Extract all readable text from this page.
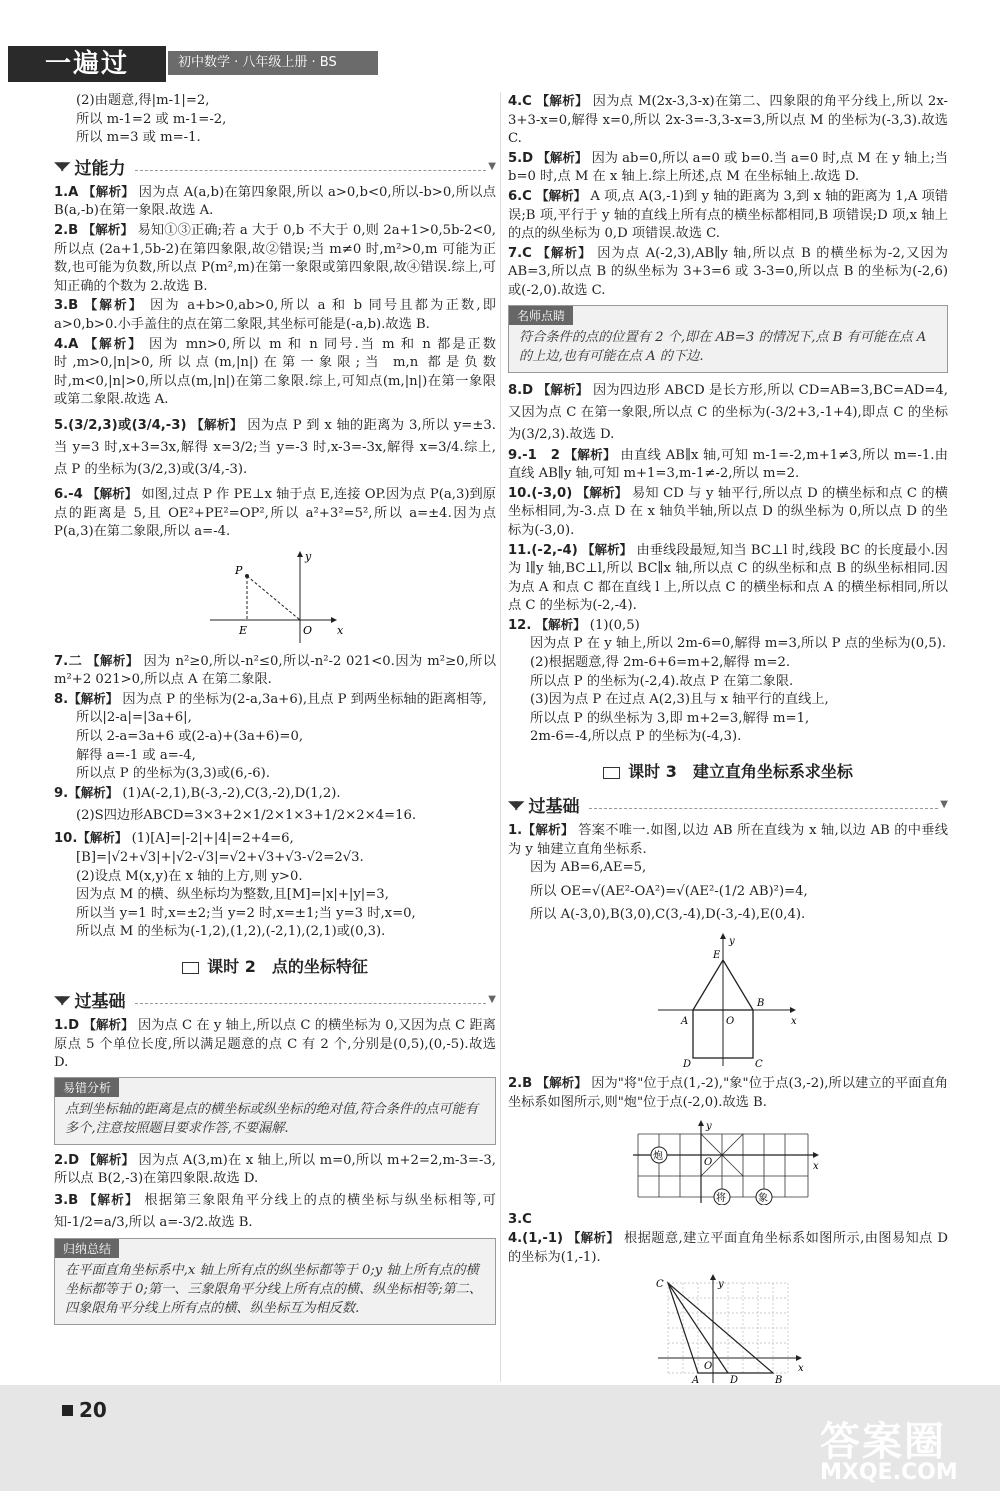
一遍过	初中数学 · 八年级上册 · BS

(2)由题意,得|m-1|=2,

所以 m-1=2 或 m-1=-2,

所以 m=3 或 m=-1.

◥◤ 过能力	▼

1.A 【解析】 因为点 A(a,b)在第四象限,所以 a>0,b<0,所以-b>0,所以点 B(a,-b)在第一象限.故选 A.

2.B 【解析】 易知①③正确;若 a 大于 0,b 不大于 0,则 2a+1>0,5b-2<0,所以点 (2a+1,5b-2)在第四象限,故②错误;当 m≠0 时,m²>0,m 可能为正数,也可能为负数,所以点 P(m²,m)在第一象限或第四象限,故④错误.综上,可知正确的个数为 2.故选 B.

3.B 【解析】 因为 a+b>0,ab>0,所以 a 和 b 同号且都为正数,即 a>0,b>0.小手盖住的点在第二象限,其坐标可能是(-a,b).故选 B.

4.A 【解析】 因为 mn>0,所以 m 和 n 同号.当 m 和 n 都是正数时,m>0,|n|>0,所以点(m,|n|)在第一象限;当 m,n 都是负数时,m<0,|n|>0,所以点(m,|n|)在第二象限.综上,可知点(m,|n|)在第一象限或第二象限.故选 A.

5.(3/2,3)或(3/4,-3) 【解析】 因为点 P 到 x 轴的距离为 3,所以 y=±3.当 y=3 时,x+3=3x,解得 x=3/2;当 y=-3 时,x-3=-3x,解得 x=3/4.综上,点 P 的坐标为(3/2,3)或(3/4,-3).

6.-4 【解析】 如图,过点 P 作 PE⊥x 轴于点 E,连接 OP.因为点 P(a,3)到原点的距离是 5,且 OE²+PE²=OP²,所以 a²+3²=5²,所以 a=±4.因为点 P(a,3)在第二象限,所以 a=-4.

P
E	O x
y

7.二 【解析】 因为 n²≥0,所以-n²≤0,所以-n²-2 021<0.因为 m²≥0,所以 m²+2 021>0,所以点 A 在第二象限.

8.【解析】 因为点 P 的坐标为(2-a,3a+6),且点 P 到两坐标轴的距离相等,

所以|2-a|=|3a+6|,

所以 2-a=3a+6 或(2-a)+(3a+6)=0,

解得 a=-1 或 a=-4,

所以点 P 的坐标为(3,3)或(6,-6).

9.【解析】 (1)A(-2,1),B(-3,-2),C(3,-2),D(1,2).

(2)S四边形ABCD=3×3+2×1/2×1×3+1/2×2×4=16.

10.【解析】 (1)[A]=|-2|+|4|=2+4=6,

[B]=|√2+√3|+|√2-√3|=√2+√3+√3-√2=2√3.

(2)设点 M(x,y)在 x 轴的上方,则 y>0.

因为点 M 的横、纵坐标均为整数,且[M]=|x|+|y|=3,

所以当 y=1 时,x=±2;当 y=2 时,x=±1;当 y=3 时,x=0,

所以点 M 的坐标为(-1,2),(1,2),(-2,1),(2,1)或(0,3).

课时 2　点的坐标特征
◥◤ 过基础	▼

1.D 【解析】 因为点 C 在 y 轴上,所以点 C 的横坐标为 0,又因为点 C 距离原点 5 个单位长度,所以满足题意的点 C 有 2 个,分别是(0,5),(0,-5).故选 D.

易错分析
点到坐标轴的距离是点的横坐标或纵坐标的绝对值,符合条件的点可能有多个,注意按照题目要求作答,不要漏解.

2.D 【解析】 因为点 A(3,m)在 x 轴上,所以 m=0,所以 m+2=2,m-3=-3,所以点 B(2,-3)在第四象限.故选 D.

3.B 【解析】 根据第三象限角平分线上的点的横坐标与纵坐标相等,可知-1/2=a/3,所以 a=-3/2.故选 B.

归纳总结
在平面直角坐标系中,x 轴上所有点的纵坐标都等于 0;y 轴上所有点的横坐标都等于 0;第一、三象限角平分线上所有点的横、纵坐标相等;第二、四象限角平分线上所有点的横、纵坐标互为相反数.

4.C 【解析】 因为点 M(2x-3,3-x)在第二、四象限的角平分线上,所以 2x-3+3-x=0,解得 x=0,所以 2x-3=-3,3-x=3,所以点 M 的坐标为(-3,3).故选 C.

5.D 【解析】 因为 ab=0,所以 a=0 或 b=0.当 a=0 时,点 M 在 y 轴上;当 b=0 时,点 M 在 x 轴上.综上所述,点 M 在坐标轴上.故选 D.

6.C 【解析】 A 项,点 A(3,-1)到 y 轴的距离为 3,到 x 轴的距离为 1,A 项错误;B 项,平行于 y 轴的直线上所有点的横坐标都相同,B 项错误;D 项,x 轴上的点的纵坐标为 0,D 项错误.故选 C.

7.C 【解析】 因为点 A(-2,3),AB∥y 轴,所以点 B 的横坐标为-2,又因为 AB=3,所以点 B 的纵坐标为 3+3=6 或 3-3=0,所以点 B 的坐标为(-2,6)或(-2,0).故选 C.

名师点睛
符合条件的点的位置有 2 个,即在 AB=3 的情况下,点 B 有可能在点 A 的上边,也有可能在点 A 的下边.

8.D 【解析】 因为四边形 ABCD 是长方形,所以 CD=AB=3,BC=AD=4,又因为点 C 在第一象限,所以点 C 的坐标为(-3/2+3,-1+4),即点 C 的坐标为(3/2,3).故选 D.

9.-1　2 【解析】 由直线 AB∥x 轴,可知 m-1=-2,m+1≠3,所以 m=-1.由直线 AB∥y 轴,可知 m+1=3,m-1≠-2,所以 m=2.

10.(-3,0) 【解析】 易知 CD 与 y 轴平行,所以点 D 的横坐标和点 C 的横坐标相同,为-3.点 D 在 x 轴负半轴,所以点 D 的纵坐标为 0,所以点 D 的坐标为(-3,0).

11.(-2,-4) 【解析】 由垂线段最短,知当 BC⊥l 时,线段 BC 的长度最小.因为 l∥y 轴,BC⊥l,所以 BC∥x 轴,所以点 C 的纵坐标和点 B 的纵坐标相同.因为点 A 和点 C 都在直线 l 上,所以点 C 的横坐标和点 A 的横坐标相同,所以点 C 的坐标为(-2,-4).

12. 【解析】 (1)(0,5)

因为点 P 在 y 轴上,所以 2m-6=0,解得 m=3,所以 P 点的坐标为(0,5).

(2)根据题意,得 2m-6+6=m+2,解得 m=2.

所以点 P 的坐标为(-2,4).故点 P 在第二象限.

(3)因为点 P 在过点 A(2,3)且与 x 轴平行的直线上,

所以点 P 的纵坐标为 3,即 m+2=3,解得 m=1,

2m-6=-4,所以点 P 的坐标为(-4,3).

课时 3　建立直角坐标系求坐标
◥◤ 过基础	▼

1.【解析】 答案不唯一.如图,以边 AB 所在直线为 x 轴,以边 AB 的中垂线为 y 轴建立直角坐标系.

因为 AB=6,AE=5,

所以 OE=√(AE²-OA²)=√(AE²-(1/2 AB)²)=4,

所以 A(-3,0),B(3,0),C(3,-4),D(-3,-4),E(0,4).

E
y
A	O
B
x
D	C

2.B 【解析】 因为"将"位于点(1,-2),"象"位于点(3,-2),所以建立的平面直角坐标系如图所示,则"炮"位于点(-2,0).故选 B.

炮
将	象
O	x
y

3.C

4.(1,-1) 【解析】 根据题意,建立平面直角坐标系如图所示,由图易知点 D 的坐标为(1,-1).

C	y
O
A	D	B
x
20
答案圈
MXQE.COM
